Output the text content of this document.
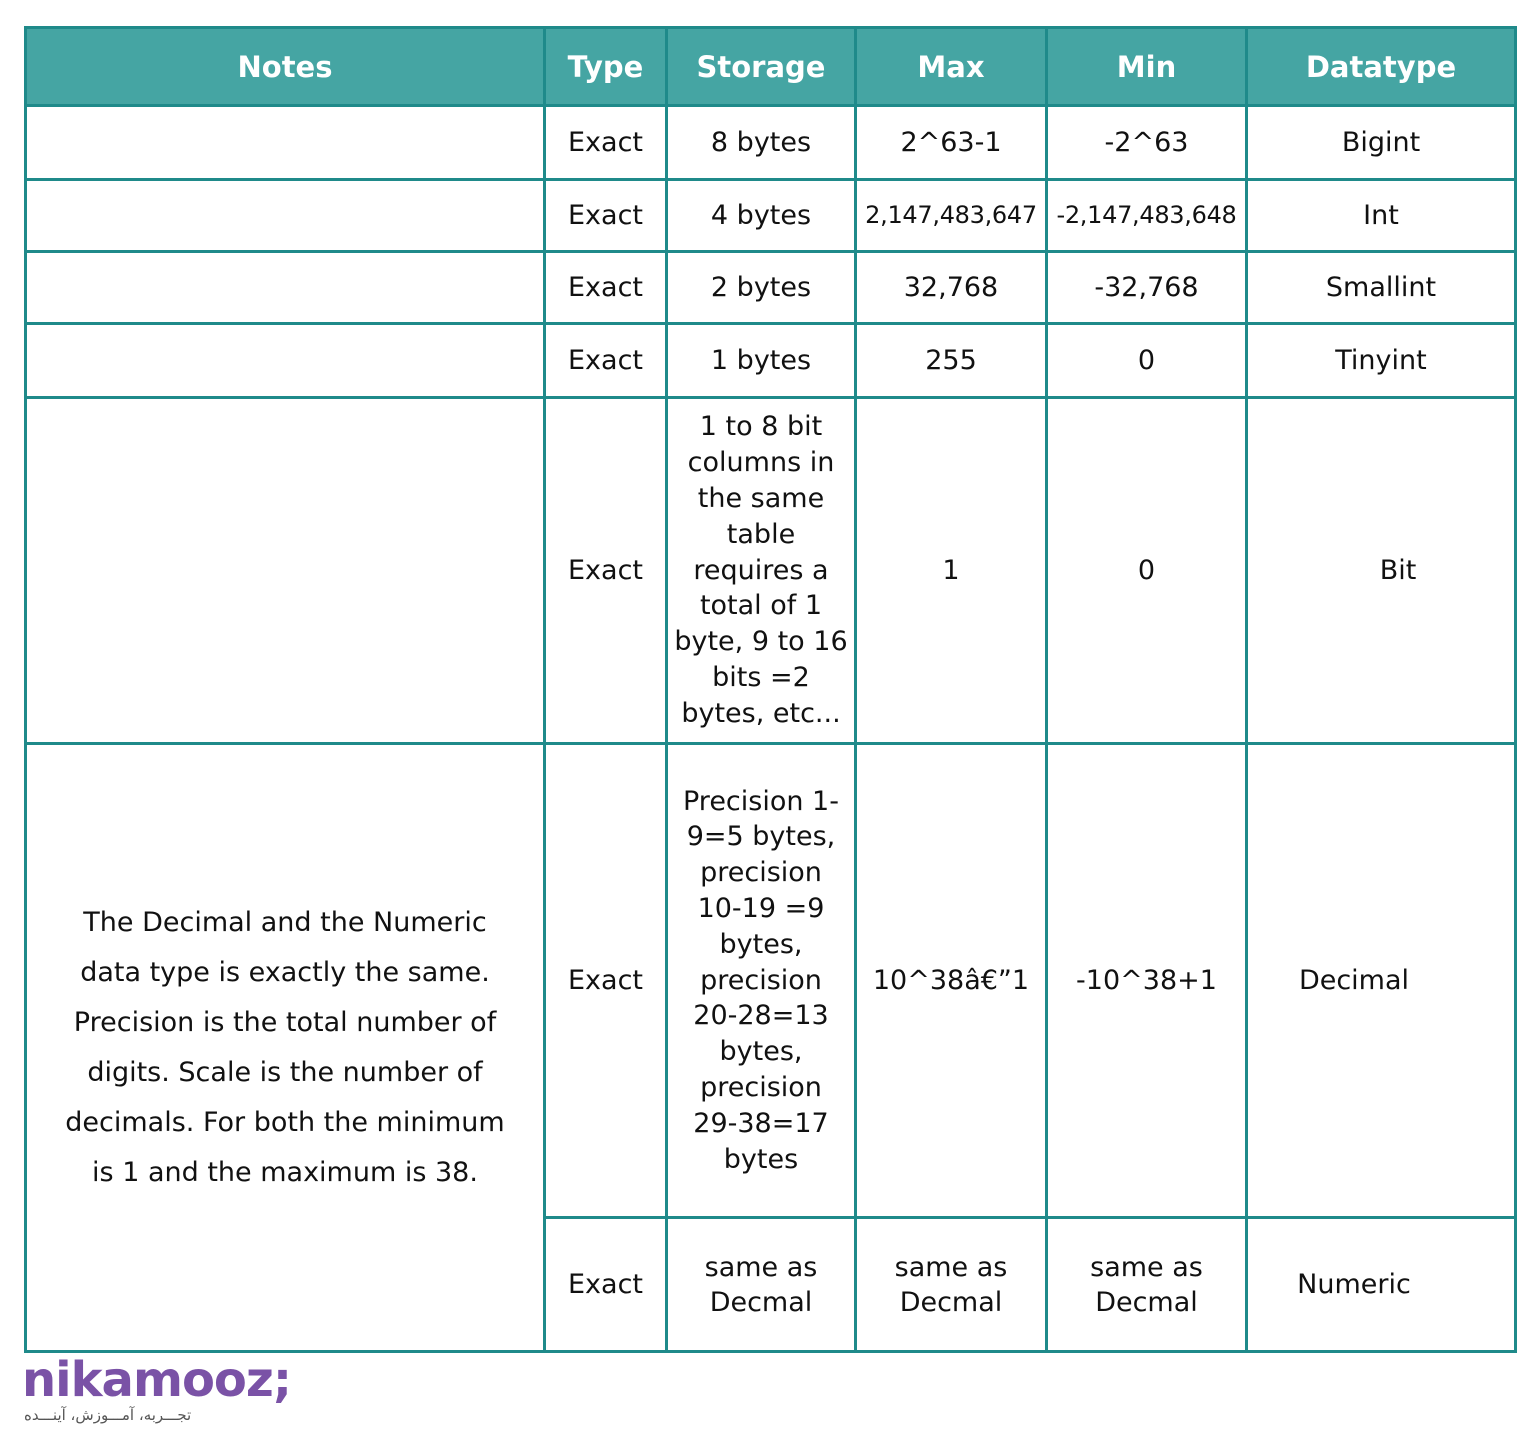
Notes	Type	Storage	Max	Min	Datatype
	Exact	8 bytes	2^63-1	-2^63	Bigint
	Exact	4 bytes	2,147,483,647	-2,147,483,648	Int
	Exact	2 bytes	32,768	-32,768	Smallint
	Exact	1 bytes	255	0	Tinyint
	Exact	1 to 8 bit columns in the same table requires a total of 1 byte, 9 to 16 bits =2 bytes, etc...	1	0	Bit
The Decimal and the Numeric data type is exactly the same. Precision is the total number of digits. Scale is the number of decimals. For both the minimum is 1 and the maximum is 38.	Exact	Precision 1-9=5 bytes, precision 10-19 =9 bytes, precision 20-28=13 bytes, precision 29-38=17 bytes	10^38â€”1	-10^38+1	Decimal
	Exact	same as Decmal	same as Decmal	same as Decmal	Numeric
nikamooz;
تجـــربه، آمـــوزش، آینـــده
